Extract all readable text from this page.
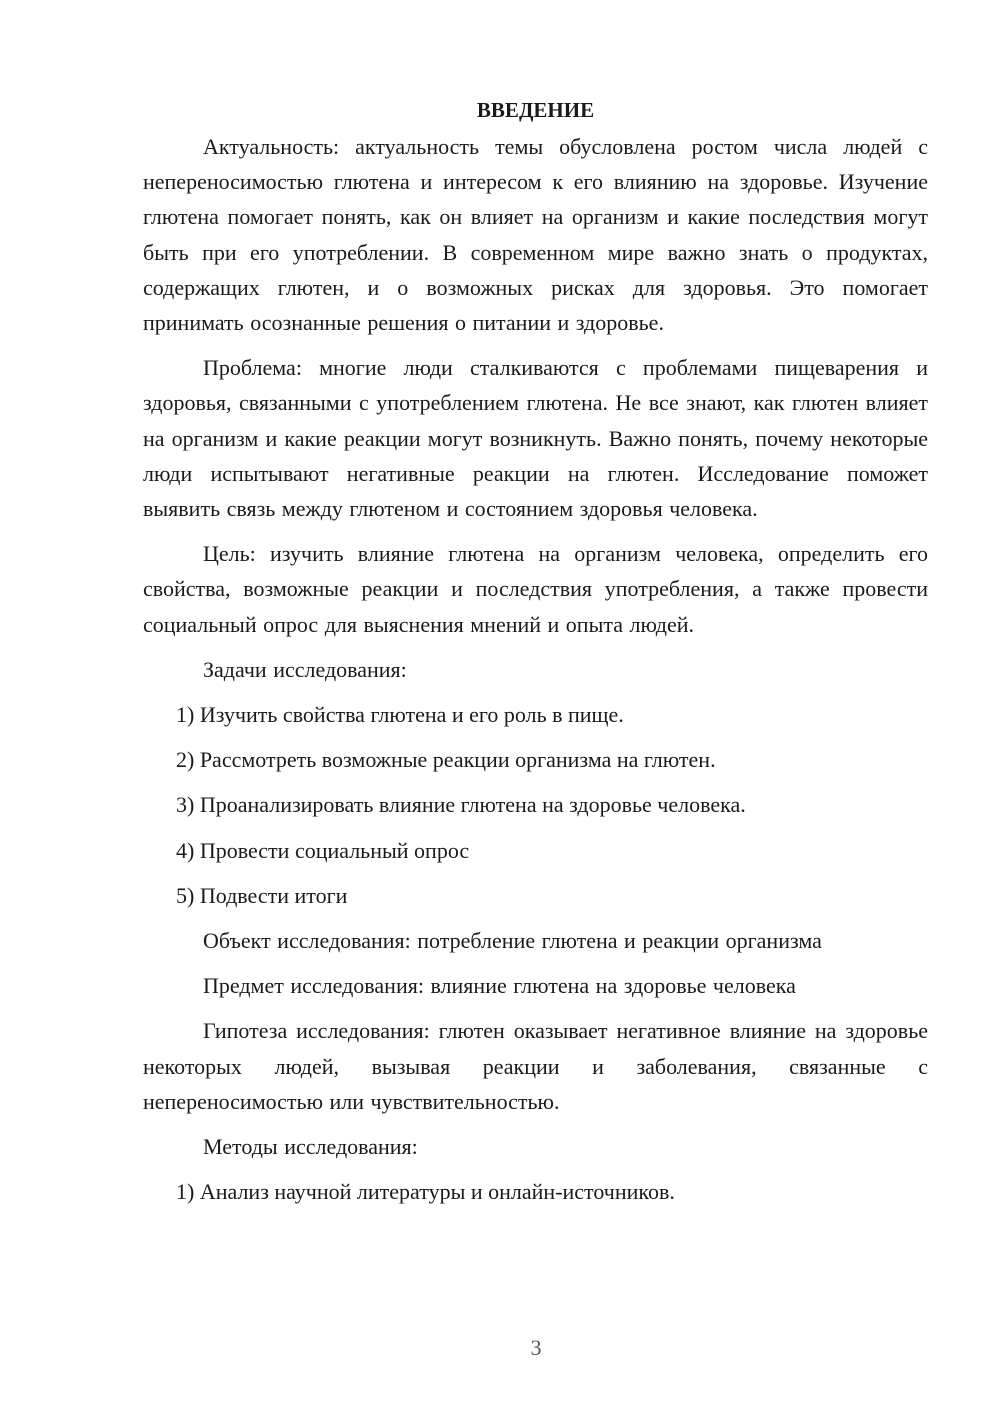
ВВЕДЕНИЕ

Актуальность: актуальность темы обусловлена ростом числа людей с непереносимостью глютена и интересом к его влиянию на здоровье. Изучение глютена помогает понять, как он влияет на организм и какие последствия могут быть при его употреблении. В современном мире важно знать о продуктах, содержащих глютен, и о возможных рисках для здоровья. Это помогает принимать осознанные решения о питании и здоровье.

Проблема: многие люди сталкиваются с проблемами пищеварения и здоровья, связанными с употреблением глютена. Не все знают, как глютен влияет на организм и какие реакции могут возникнуть. Важно понять, почему некоторые люди испытывают негативные реакции на глютен. Исследование поможет выявить связь между глютеном и состоянием здоровья человека.

Цель: изучить влияние глютена на организм человека, определить его свойства, возможные реакции и последствия употребления, а также провести социальный опрос для выяснения мнений и опыта людей.

Задачи исследования:

1) Изучить свойства глютена и его роль в пище.

2) Рассмотреть возможные реакции организма на глютен.

3) Проанализировать влияние глютена на здоровье человека.

4) Провести социальный опрос

5) Подвести итоги

Объект исследования: потребление глютена и реакции организма

Предмет исследования: влияние глютена на здоровье человека

Гипотеза исследования: глютен оказывает негативное влияние на здоровье некоторых людей, вызывая реакции и заболевания, связанные с непереносимостью или чувствительностью.

Методы исследования:

1) Анализ научной литературы и онлайн-источников.

3
